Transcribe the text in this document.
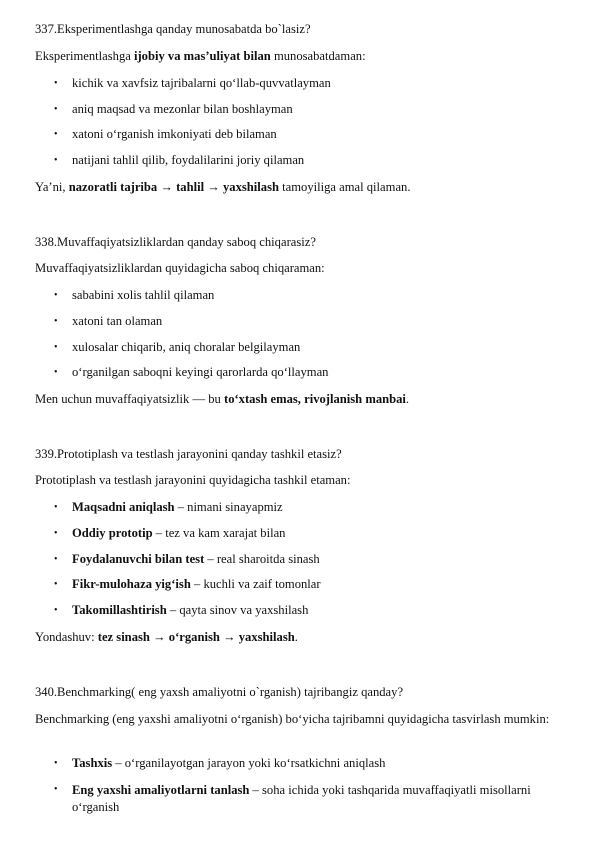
337.Eksperimentlashga qanday munosabatda bo`lasiz?
Eksperimentlashga ijobiy va mas’uliyat bilan munosabatdaman:
• kichik va xavfsiz tajribalarni qo‘llab-quvvatlayman
• aniq maqsad va mezonlar bilan boshlayman
• xatoni o‘rganish imkoniyati deb bilaman
• natijani tahlil qilib, foydalilarini joriy qilaman
Ya’ni, nazoratli tajriba → tahlil → yaxshilash tamoyiliga amal qilaman.
338.Muvaffaqiyatsizliklardan qanday saboq chiqarasiz?
Muvaffaqiyatsizliklardan quyidagicha saboq chiqaraman:
• sababini xolis tahlil qilaman
• xatoni tan olaman
• xulosalar chiqarib, aniq choralar belgilayman
• o‘rganilgan saboqni keyingi qarorlarda qo‘llayman
Men uchun muvaffaqiyatsizlik — bu to‘xtash emas, rivojlanish manbai.
339.Prototiplash va testlash jarayonini qanday tashkil etasiz?
Prototiplash va testlash jarayonini quyidagicha tashkil etaman:
• Maqsadni aniqlash – nimani sinayapmiz
• Oddiy prototip – tez va kam xarajat bilan
• Foydalanuvchi bilan test – real sharoitda sinash
• Fikr-mulohaza yig‘ish – kuchli va zaif tomonlar
• Takomillashtirish – qayta sinov va yaxshilash
Yondashuv: tez sinash → o‘rganish → yaxshilash.
340.Benchmarking( eng yaxsh amaliyotni o`rganish) tajribangiz qanday?
Benchmarking (eng yaxshi amaliyotni o‘rganish) bo‘yicha tajribamni quyidagicha tasvirlash mumkin:
• Tashxis – o‘rganilayotgan jarayon yoki ko‘rsatkichni aniqlash
• Eng yaxshi amaliyotlarni tanlash – soha ichida yoki tashqarida muvaffaqiyatli misollarni o‘rganish
